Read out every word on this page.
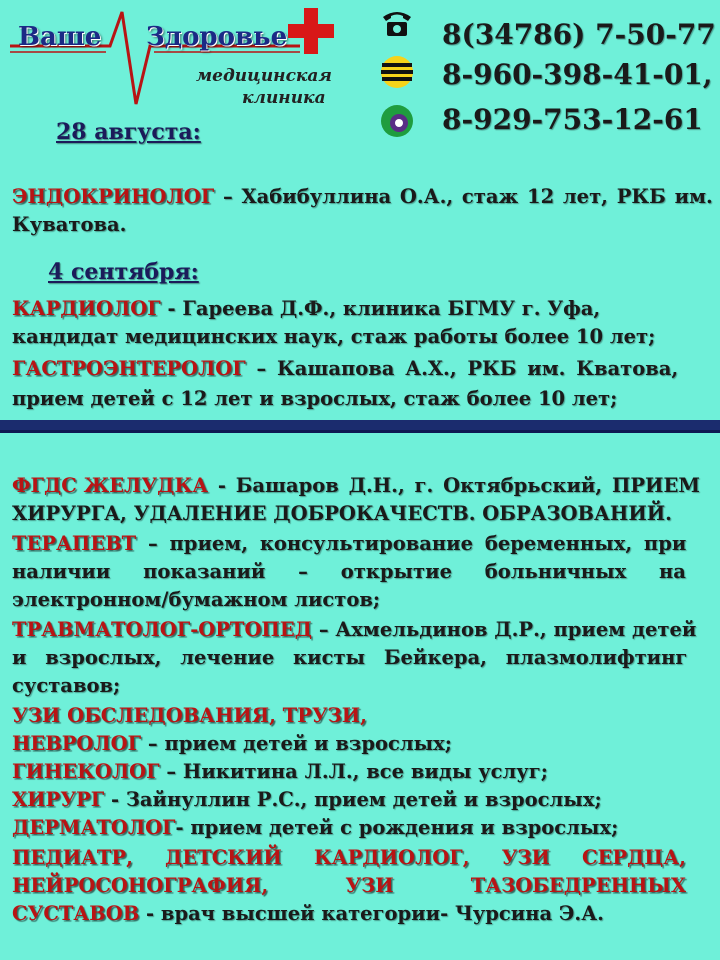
Ваше Здоровье
медицинская
клиника
8(34786) 7-50-77
8-960-398-41-01,
8-929-753-12-61
28 августа:
ЭНДОКРИНОЛОГ – Хабибуллина О.А., стаж 12 лет, РКБ им.
Куватова.
4 сентября:
КАРДИОЛОГ - Гареева Д.Ф., клиника БГМУ г. Уфа,
кандидат медицинских наук, стаж работы более 10 лет;
ГАСТРОЭНТЕРОЛОГ – Кашапова А.Х., РКБ им. Кватова,
прием детей с 12 лет и взрослых, стаж более 10 лет;
ФГДС ЖЕЛУДКА - Башаров Д.Н., г. Октябрьский, ПРИЕМ
ХИРУРГА, УДАЛЕНИЕ ДОБРОКАЧЕСТВ. ОБРАЗОВАНИЙ.
ТЕРАПЕВТ – прием, консультирование беременных, при
наличии показаний – открытие больничных на
электронном/бумажном листов;
ТРАВМАТОЛОГ-ОРТОПЕД – Ахмельдинов Д.Р., прием детей
и взрослых, лечение кисты Бейкера, плазмолифтинг
суставов;
УЗИ ОБСЛЕДОВАНИЯ, ТРУЗИ,
НЕВРОЛОГ – прием детей и взрослых;
ГИНЕКОЛОГ – Никитина Л.Л., все виды услуг;
ХИРУРГ - Зайнуллин Р.С., прием детей и взрослых;
ДЕРМАТОЛОГ- прием детей с рождения и взрослых;
ПЕДИАТР, ДЕТСКИЙ КАРДИОЛОГ, УЗИ СЕРДЦА,
НЕЙРОСОНОГРАФИЯ,	УЗИ	ТАЗОБЕДРЕННЫХ
СУСТАВОВ - врач высшей категории- Чурсина Э.А.
